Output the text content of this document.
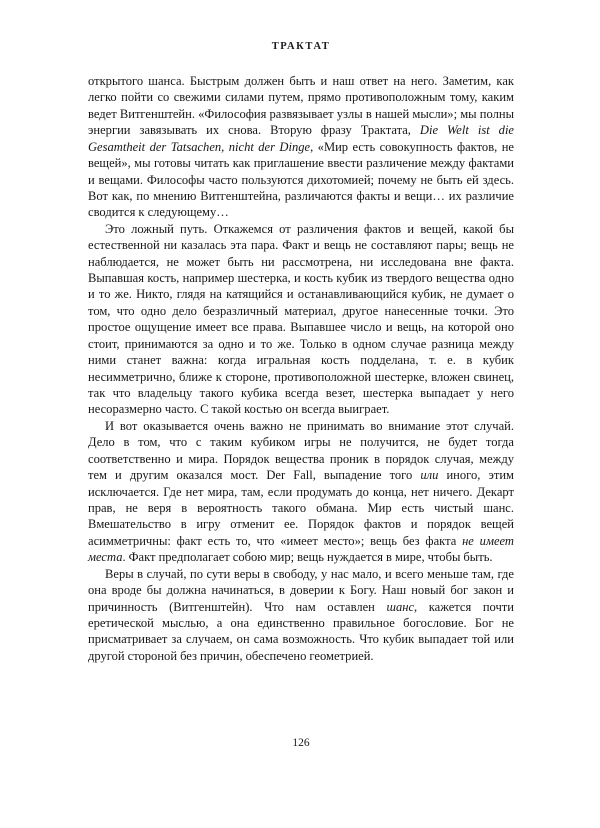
ТРАКТАТ

открытого шанса. Быстрым должен быть и наш ответ на него. Заметим, как легко пойти со свежими силами путем, прямо противоположным тому, каким ведет Витгенштейн. «Философия развязывает узлы в нашей мысли»; мы полны энергии завязывать их снова. Вторую фразу Трактата, Die Welt ist die Gesamtheit der Tatsachen, nicht der Dinge, «Мир есть совокупность фактов, не вещей», мы готовы читать как приглашение ввести различение между фактами и вещами. Философы часто пользуются дихотомией; почему не быть ей здесь. Вот как, по мнению Витгенштейна, различаются факты и вещи… их различие сводится к следующему…

Это ложный путь. Откажемся от различения фактов и вещей, какой бы естественной ни казалась эта пара. Факт и вещь не составляют пары; вещь не наблюдается, не может быть ни рассмотрена, ни исследована вне факта. Выпавшая кость, например шестерка, и кость кубик из твердого вещества одно и то же. Никто, глядя на катящийся и останавливающийся кубик, не думает о том, что одно дело безразличный материал, другое нанесенные точки. Это простое ощущение имеет все права. Выпавшее число и вещь, на которой оно стоит, принимаются за одно и то же. Только в одном случае разница между ними станет важна: когда игральная кость подделана, т. е. в кубик несимметрично, ближе к стороне, противоположной шестерке, вложен свинец, так что владельцу такого кубика всегда везет, шестерка выпадает у него несоразмерно часто. С такой костью он всегда выиграет.

И вот оказывается очень важно не принимать во внимание этот случай. Дело в том, что с таким кубиком игры не получится, не будет тогда соответственно и мира. Порядок вещества проник в порядок случая, между тем и другим оказался мост. Der Fall, выпадение того или иного, этим исключается. Где нет мира, там, если продумать до конца, нет ничего. Декарт прав, не веря в вероятность такого обмана. Мир есть чистый шанс. Вмешательство в игру отменит ее. Порядок фактов и порядок вещей асимметричны: факт есть то, что «имеет место»; вещь без факта не имеет места. Факт предполагает собою мир; вещь нуждается в мире, чтобы быть.

Веры в случай, по сути веры в свободу, у нас мало, и всего меньше там, где она вроде бы должна начинаться, в доверии к Богу. Наш новый бог закон и причинность (Витгенштейн). Что нам оставлен шанс, кажется почти еретической мыслью, а она единственно правильное богословие. Бог не присматривает за случаем, он сама возможность. Что кубик выпадает той или другой стороной без причин, обеспечено геометрией.

126
